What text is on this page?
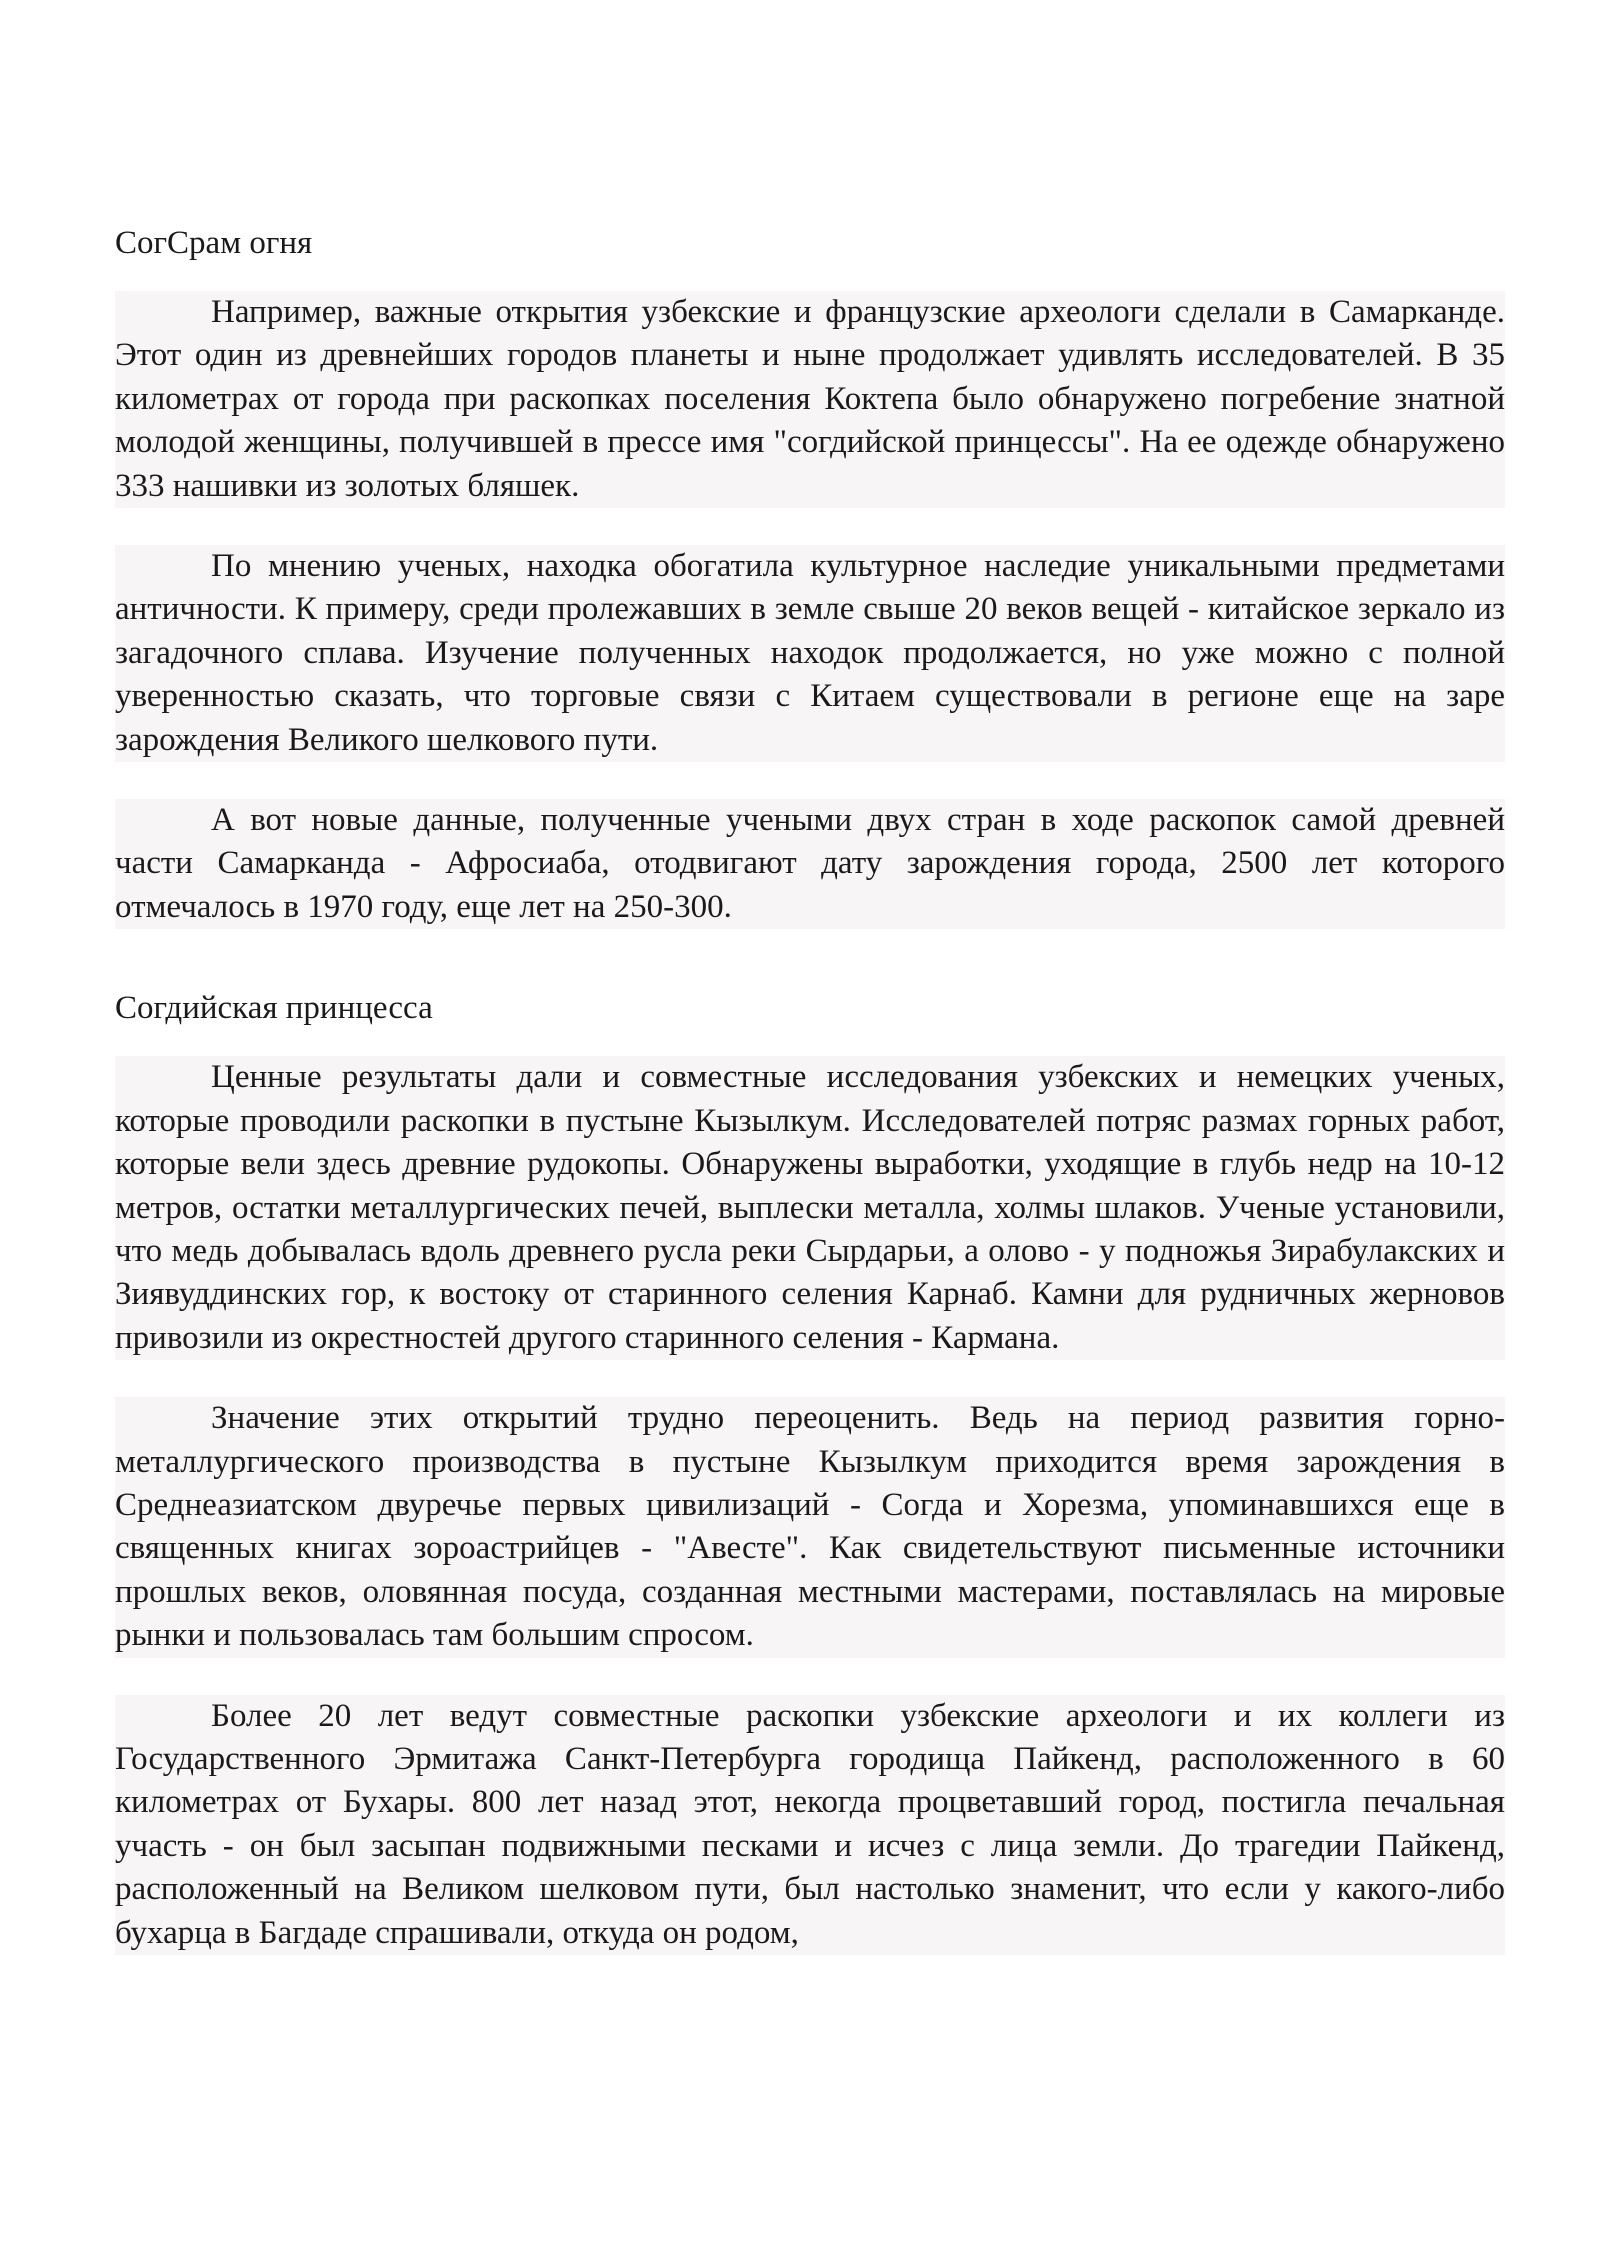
СогСрам огня

Например, важные открытия узбекские и французские археологи сделали в Самарканде. Этот один из древнейших городов планеты и ныне продолжает удивлять исследователей. В 35 километрах от города при раскопках поселения Коктепа было обнаружено погребение знатной молодой женщины, получившей в прессе имя "согдийской принцессы". На ее одежде обнаружено 333 нашивки из золотых бляшек.

По мнению ученых, находка обогатила культурное наследие уникальными предметами античности. К примеру, среди пролежавших в земле свыше 20 веков вещей - китайское зеркало из загадочного сплава. Изучение полученных находок продолжается, но уже можно с полной уверенностью сказать, что торговые связи с Китаем существовали в регионе еще на заре зарождения Великого шелкового пути.

А вот новые данные, полученные учеными двух стран в ходе раскопок самой древней части Самарканда - Афросиаба, отодвигают дату зарождения города, 2500 лет которого отмечалось в 1970 году, еще лет на 250-300.

Согдийская принцесса

Ценные результаты дали и совместные исследования узбекских и немецких ученых, которые проводили раскопки в пустыне Кызылкум. Исследователей потряс размах горных работ, которые вели здесь древние рудокопы. Обнаружены выработки, уходящие в глубь недр на 10-12 метров, остатки металлургических печей, выплески металла, холмы шлаков. Ученые установили, что медь добывалась вдоль древнего русла реки Сырдарьи, а олово - у подножья Зирабулакских и Зиявуддинских гор, к востоку от старинного селения Карнаб. Камни для рудничных жерновов привозили из окрестностей другого старинного селения - Кармана.

Значение этих открытий трудно переоценить. Ведь на период развития горно-металлургического производства в пустыне Кызылкум приходится время зарождения в Среднеазиатском двуречье первых цивилизаций - Согда и Хорезма, упоминавшихся еще в священных книгах зороастрийцев - "Авесте". Как свидетельствуют письменные источники прошлых веков, оловянная посуда, созданная местными мастерами, поставлялась на мировые рынки и пользовалась там большим спросом.

Более 20 лет ведут совместные раскопки узбекские археологи и их коллеги из Государственного Эрмитажа Санкт-Петербурга городища Пайкенд, расположенного в 60 километрах от Бухары. 800 лет назад этот, некогда процветавший город, постигла печальная участь - он был засыпан подвижными песками и исчез с лица земли. До трагедии Пайкенд, расположенный на Великом шелковом пути, был настолько знаменит, что если у какого-либо бухарца в Багдаде спрашивали, откуда он родом,
